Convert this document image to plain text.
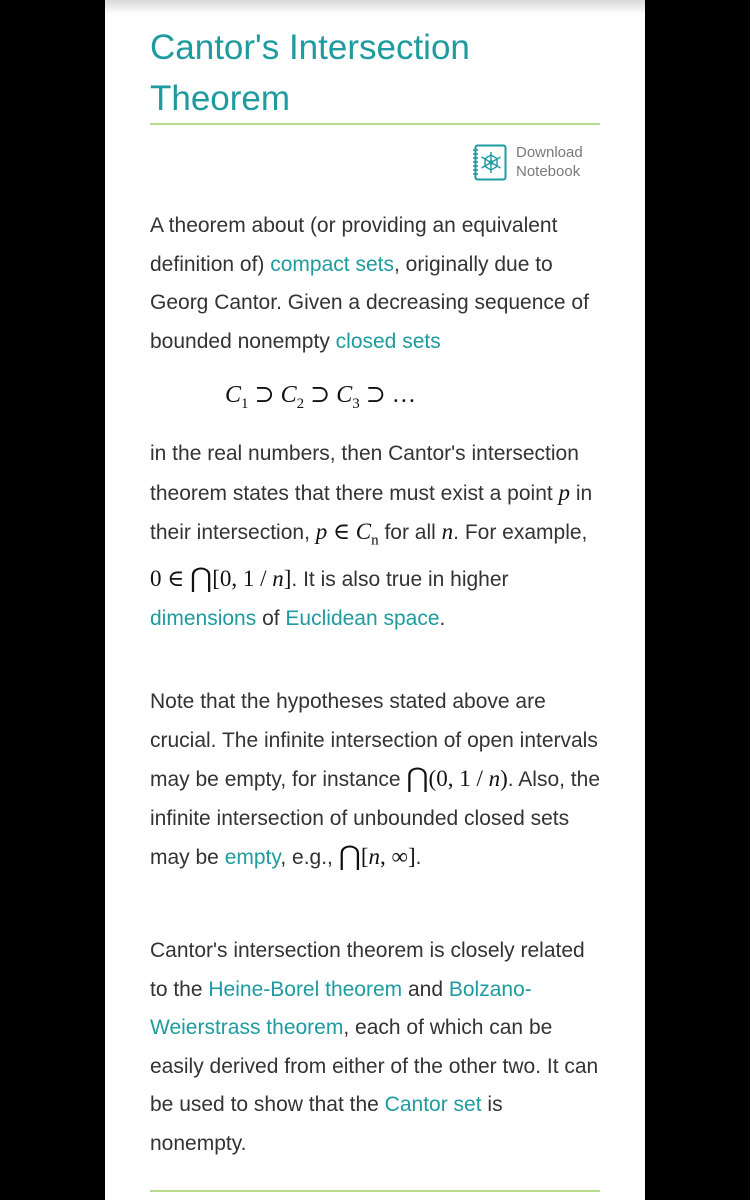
Cantor's Intersection Theorem
Download
Notebook

A theorem about (or providing an equivalent definition of) compact sets, originally due to Georg Cantor. Given a decreasing sequence of bounded nonempty closed sets

$C_1$ ⊃ $C_2$ ⊃ $C_3$ ⊃ …

in the real numbers, then Cantor's intersection theorem states that there must exist a point p in their intersection, p ∈ $C_n$ for all n. For example, 0 ∈ ⋂[0, 1 / n]. It is also true in higher dimensions of Euclidean space.

Note that the hypotheses stated above are crucial. The infinite intersection of open intervals may be empty, for instance ⋂(0, 1 / n). Also, the infinite intersection of unbounded closed sets may be empty, e.g., ⋂[n, ∞].

Cantor's intersection theorem is closely related to the Heine-Borel theorem and Bolzano-Weierstrass theorem, each of which can be easily derived from either of the other two. It can be used to show that the Cantor set is nonempty.
